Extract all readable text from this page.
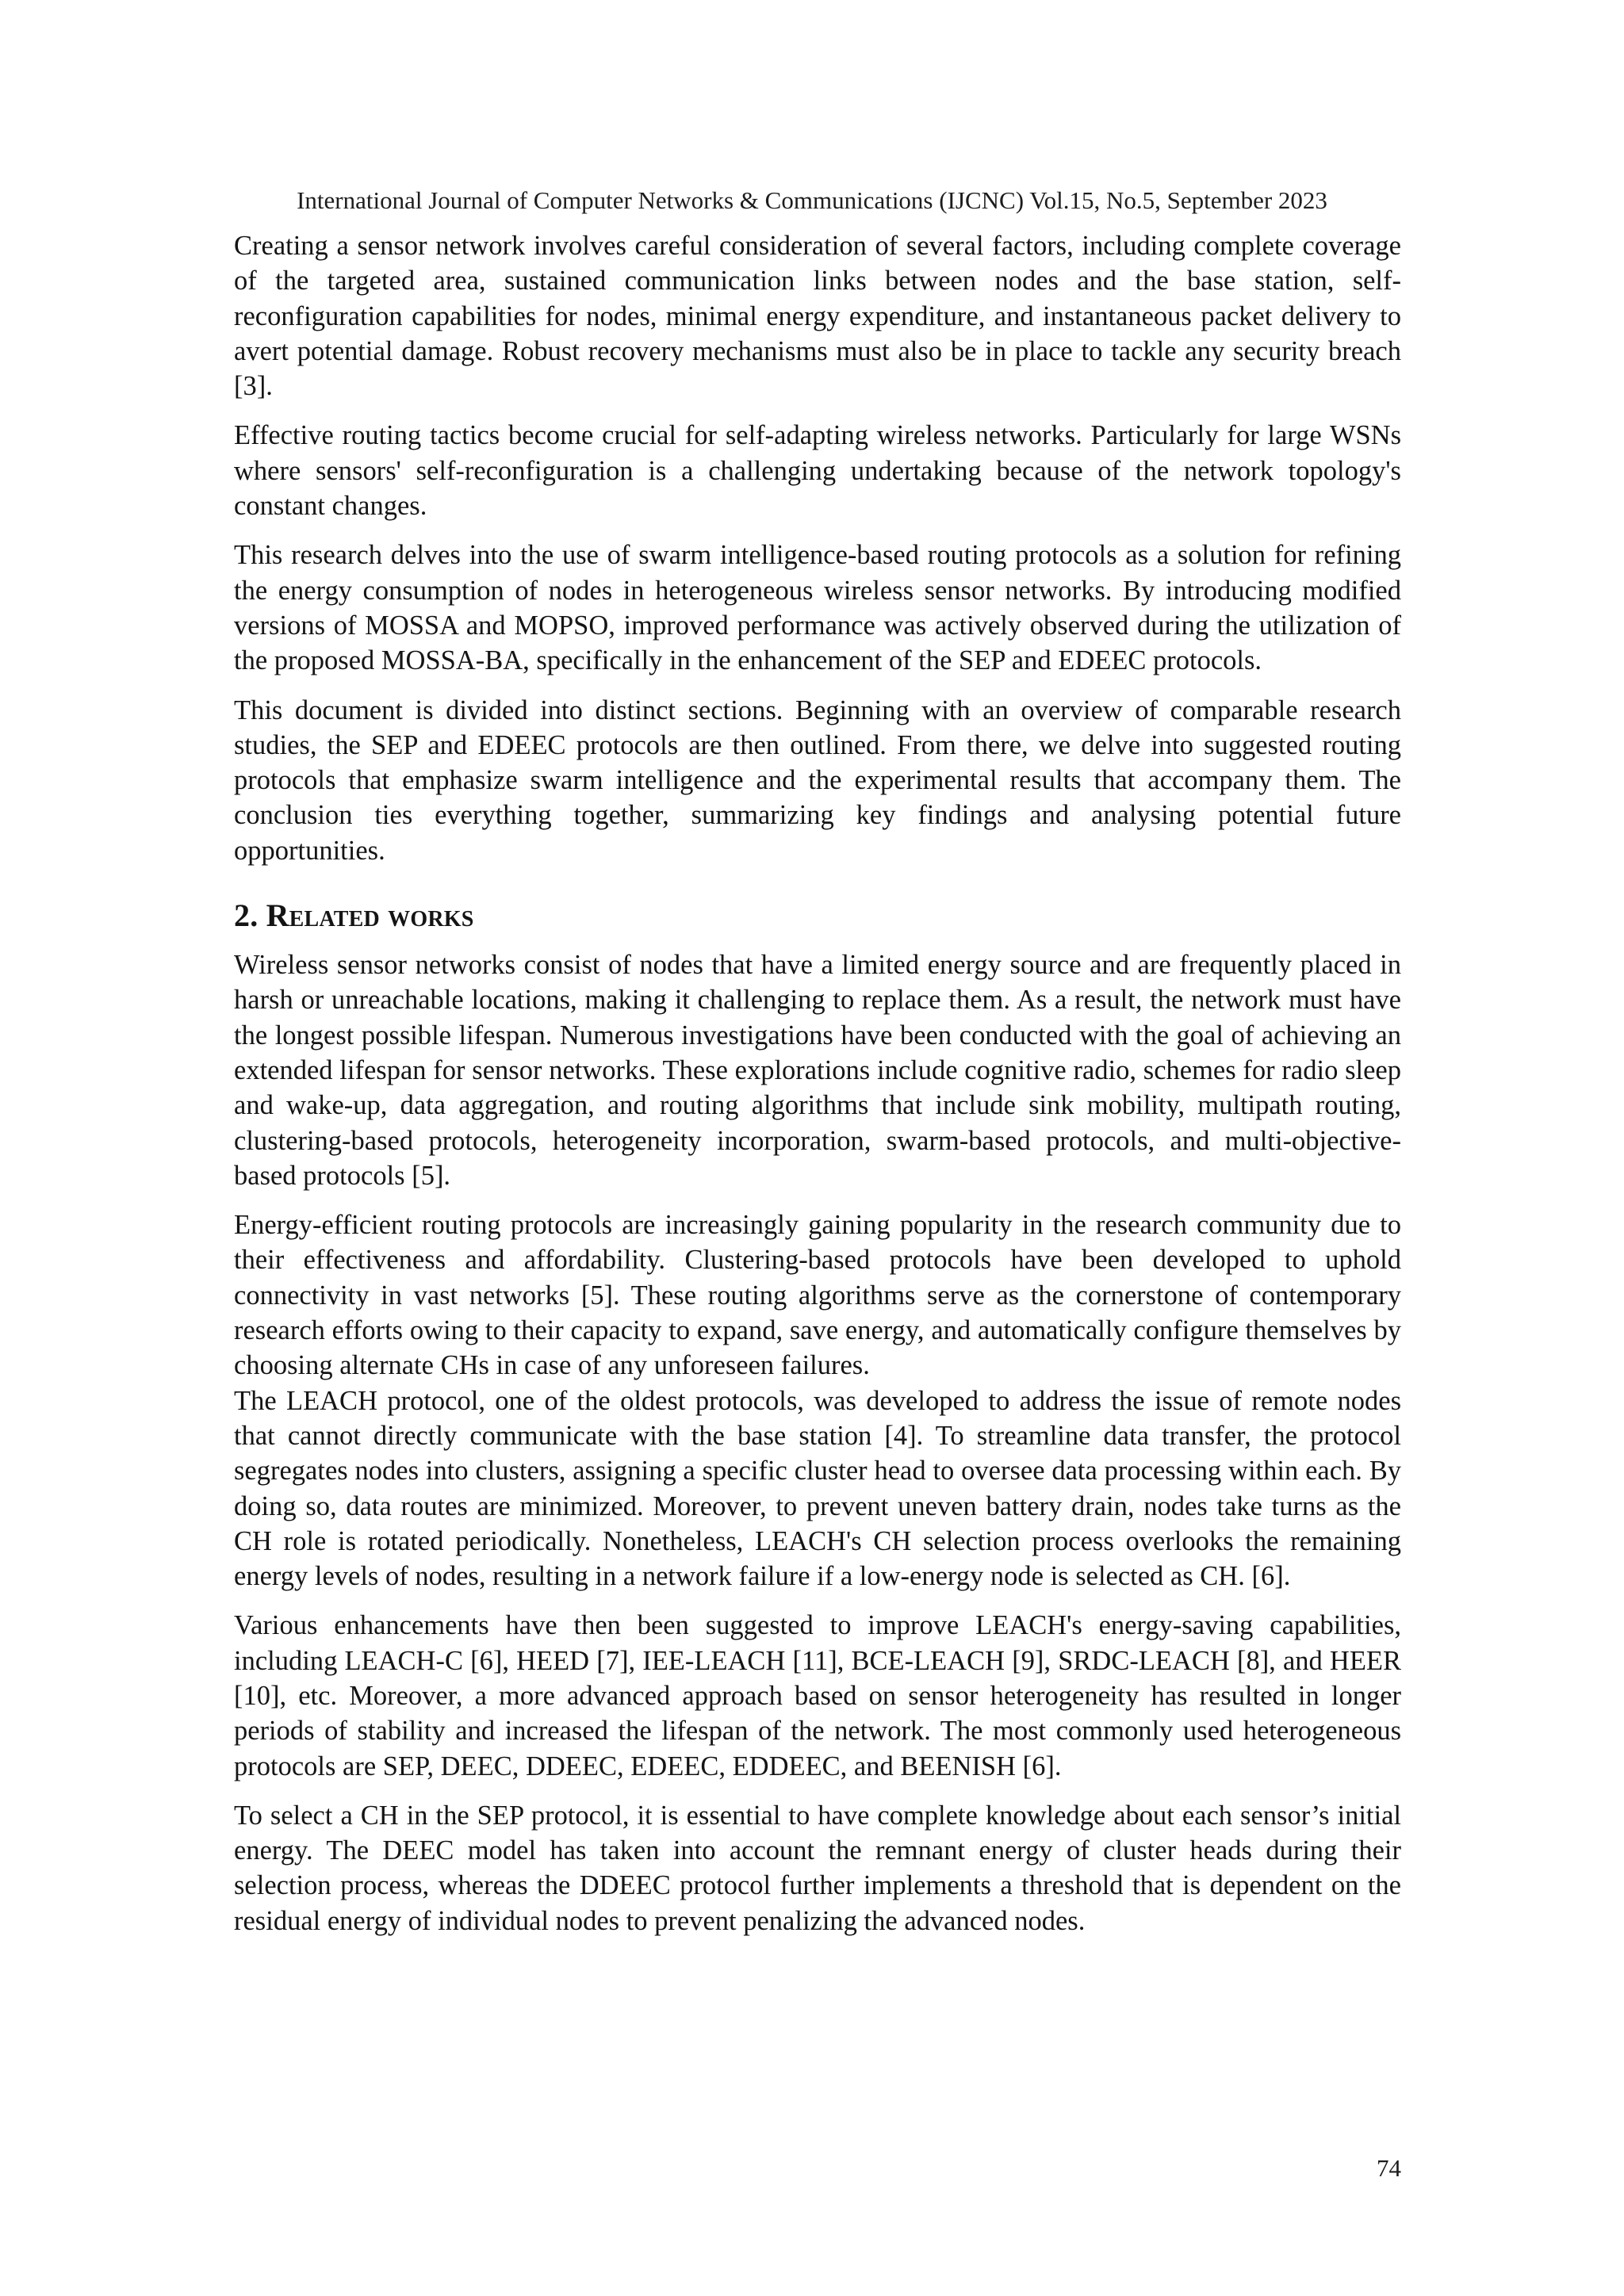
International Journal of Computer Networks & Communications (IJCNC) Vol.15, No.5, September 2023

Creating a sensor network involves careful consideration of several factors, including complete coverage of the targeted area, sustained communication links between nodes and the base station, self-reconfiguration capabilities for nodes, minimal energy expenditure, and instantaneous packet delivery to avert potential damage. Robust recovery mechanisms must also be in place to tackle any security breach [3].

Effective routing tactics become crucial for self-adapting wireless networks. Particularly for large WSNs where sensors' self-reconfiguration is a challenging undertaking because of the network topology's constant changes.

This research delves into the use of swarm intelligence-based routing protocols as a solution for refining the energy consumption of nodes in heterogeneous wireless sensor networks. By introducing modified versions of MOSSA and MOPSO, improved performance was actively observed during the utilization of the proposed MOSSA-BA, specifically in the enhancement of the SEP and EDEEC protocols.

This document is divided into distinct sections. Beginning with an overview of comparable research studies, the SEP and EDEEC protocols are then outlined. From there, we delve into suggested routing protocols that emphasize swarm intelligence and the experimental results that accompany them. The conclusion ties everything together, summarizing key findings and analysing potential future opportunities.

2. Related works

Wireless sensor networks consist of nodes that have a limited energy source and are frequently placed in harsh or unreachable locations, making it challenging to replace them. As a result, the network must have the longest possible lifespan. Numerous investigations have been conducted with the goal of achieving an extended lifespan for sensor networks. These explorations include cognitive radio, schemes for radio sleep and wake-up, data aggregation, and routing algorithms that include sink mobility, multipath routing, clustering-based protocols, heterogeneity incorporation, swarm-based protocols, and multi-objective-based protocols [5].

Energy-efficient routing protocols are increasingly gaining popularity in the research community due to their effectiveness and affordability. Clustering-based protocols have been developed to uphold connectivity in vast networks [5]. These routing algorithms serve as the cornerstone of contemporary research efforts owing to their capacity to expand, save energy, and automatically configure themselves by choosing alternate CHs in case of any unforeseen failures.

The LEACH protocol, one of the oldest protocols, was developed to address the issue of remote nodes that cannot directly communicate with the base station [4]. To streamline data transfer, the protocol segregates nodes into clusters, assigning a specific cluster head to oversee data processing within each. By doing so, data routes are minimized. Moreover, to prevent uneven battery drain, nodes take turns as the CH role is rotated periodically. Nonetheless, LEACH's CH selection process overlooks the remaining energy levels of nodes, resulting in a network failure if a low-energy node is selected as CH. [6].

Various enhancements have then been suggested to improve LEACH's energy-saving capabilities, including LEACH-C [6], HEED [7], IEE-LEACH [11], BCE-LEACH [9], SRDC-LEACH [8], and HEER [10], etc. Moreover, a more advanced approach based on sensor heterogeneity has resulted in longer periods of stability and increased the lifespan of the network. The most commonly used heterogeneous protocols are SEP, DEEC, DDEEC, EDEEC, EDDEEC, and BEENISH [6].

To select a CH in the SEP protocol, it is essential to have complete knowledge about each sensor’s initial energy. The DEEC model has taken into account the remnant energy of cluster heads during their selection process, whereas the DDEEC protocol further implements a threshold that is dependent on the residual energy of individual nodes to prevent penalizing the advanced nodes.

74
